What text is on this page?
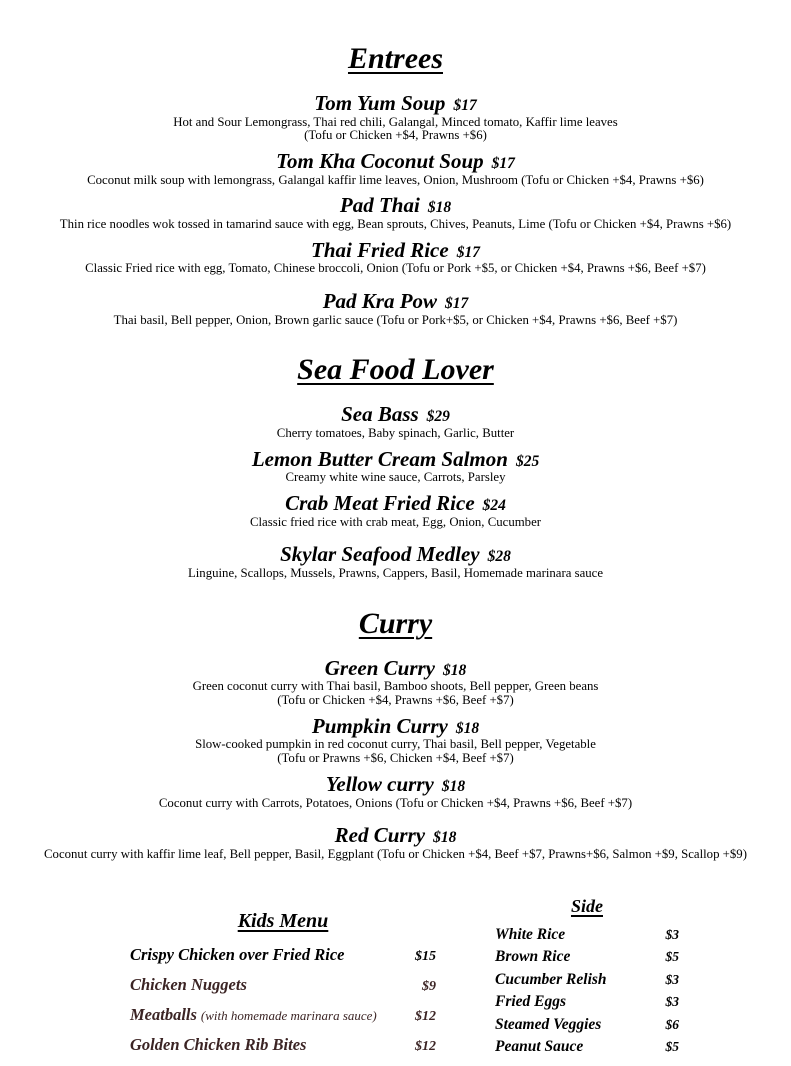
Entrees
Tom Yum Soup $17
Hot and Sour Lemongrass, Thai red chili, Galangal, Minced tomato, Kaffir lime leaves
(Tofu or Chicken +$4, Prawns +$6)
Tom Kha Coconut Soup $17
Coconut milk soup with lemongrass, Galangal kaffir lime leaves, Onion, Mushroom (Tofu or Chicken +$4, Prawns +$6)
Pad Thai $18
Thin rice noodles wok tossed in tamarind sauce with egg, Bean sprouts, Chives, Peanuts, Lime (Tofu or Chicken +$4, Prawns +$6)
Thai Fried Rice $17
Classic Fried rice with egg, Tomato, Chinese broccoli, Onion (Tofu or Pork +$5, or Chicken +$4, Prawns +$6, Beef +$7)
Pad Kra Pow $17
Thai basil, Bell pepper, Onion, Brown garlic sauce (Tofu or Pork+$5, or Chicken +$4, Prawns +$6, Beef +$7)
Sea Food Lover
Sea Bass $29
Cherry tomatoes, Baby spinach, Garlic, Butter
Lemon Butter Cream Salmon $25
Creamy white wine sauce, Carrots, Parsley
Crab Meat Fried Rice $24
Classic fried rice with crab meat, Egg, Onion, Cucumber
Skylar Seafood Medley $28
Linguine, Scallops, Mussels, Prawns, Cappers, Basil, Homemade marinara sauce
Curry
Green Curry $18
Green coconut curry with Thai basil, Bamboo shoots, Bell pepper, Green beans
(Tofu or Chicken +$4, Prawns +$6, Beef +$7)
Pumpkin Curry $18
Slow-cooked pumpkin in red coconut curry, Thai basil, Bell pepper, Vegetable
(Tofu or Prawns +$6, Chicken +$4, Beef +$7)
Yellow curry $18
Coconut curry with Carrots, Potatoes, Onions (Tofu or Chicken +$4, Prawns +$6, Beef +$7)
Red Curry $18
Coconut curry with kaffir lime leaf, Bell pepper, Basil, Eggplant (Tofu or Chicken +$4, Beef +$7, Prawns+$6, Salmon +$9, Scallop +$9)
Kids Menu
Crispy Chicken over Fried Rice	$15
Chicken Nuggets	$9
Meatballs (with homemade marinara sauce)	$12
Golden Chicken Rib Bites	$12
Side
White Rice	$3
Brown Rice	$5
Cucumber Relish	$3
Fried Eggs	$3
Steamed Veggies	$6
Peanut Sauce	$5
